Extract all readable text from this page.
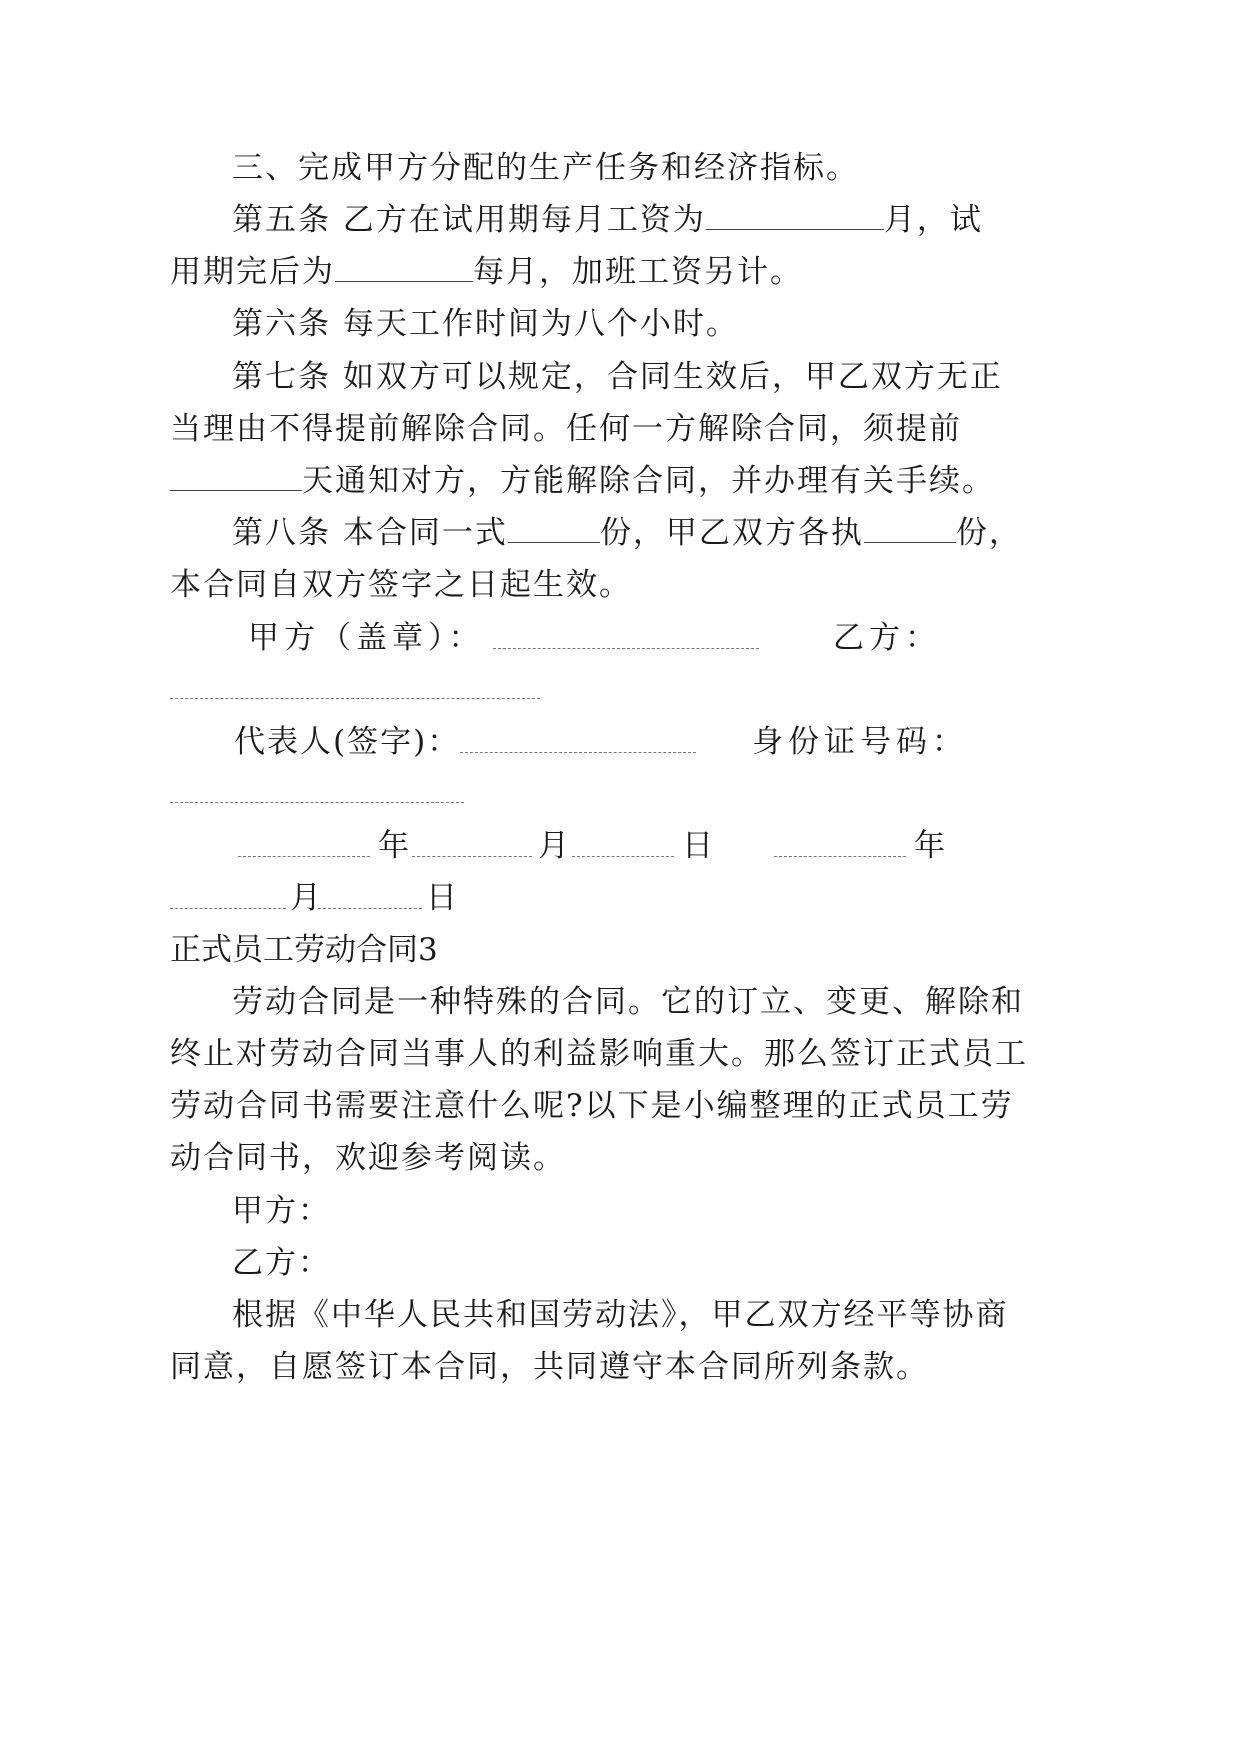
三、完成甲方分配的生产任务和经济指标。
第五条 乙方在试用期每月工资为	月，试
用期完后为	每月，加班工资另计。
第六条 每天工作时间为八个小时。
第七条 如双方可以规定，合同生效后，甲乙双方无正
当理由不得提前解除合同。任何一方解除合同，须提前
天通知对方，方能解除合同，并办理有关手续。
第八条 本合同一式	份，甲乙双方各执	份，
本合同自双方签字之日起生效。
甲方（盖章）：	乙方：
代表人(签字)：	身份证号码：
年	月	日	年
月	日
正式员工劳动合同3
劳动合同是一种特殊的合同。它的订立、变更、解除和
终止对劳动合同当事人的利益影响重大。那么签订正式员工
劳动合同书需要注意什么呢?以下是小编整理的正式员工劳
动合同书，欢迎参考阅读。
甲方：
乙方：
根据《中华人民共和国劳动法》，甲乙双方经平等协商
同意，自愿签订本合同，共同遵守本合同所列条款。
